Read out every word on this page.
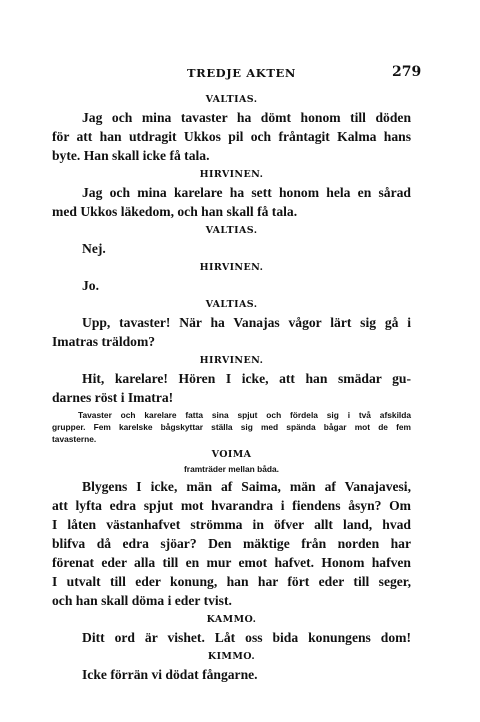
TREDJE AKTEN	279
VALTIAS.
Jag och mina tavaster ha dömt honom till döden
för att han utdragit Ukkos pil och fråntagit Kalma hans
byte. Han skall icke få tala.
HIRVINEN.
Jag och mina karelare ha sett honom hela en sårad
med Ukkos läkedom, och han skall få tala.
VALTIAS.
Nej.
HIRVINEN.
Jo.
VALTIAS.
Upp, tavaster! När ha Vanajas vågor lärt sig gå i
Imatras träldom?
HIRVINEN.
Hit, karelare! Hören I icke, att han smädar gu-
darnes röst i Imatra!
Tavaster och karelare fatta sina spjut och fördela sig i två afskilda
grupper. Fem karelske bågskyttar ställa sig med spända bågar mot de fem
tavasterne.
VOIMA
framträder mellan båda.
Blygens I icke, män af Saima, män af Vanajavesi,
att lyfta edra spjut mot hvarandra i fiendens åsyn? Om
I låten västanhafvet strömma in öfver allt land, hvad
blifva då edra sjöar? Den mäktige från norden har
förenat eder alla till en mur emot hafvet. Honom hafven
I utvalt till eder konung, han har fört eder till seger,
och han skall döma i eder tvist.
KAMMO.
Ditt ord är vishet. Låt oss bida konungens dom!
KIMMO.
Icke förrän vi dödat fångarne.
